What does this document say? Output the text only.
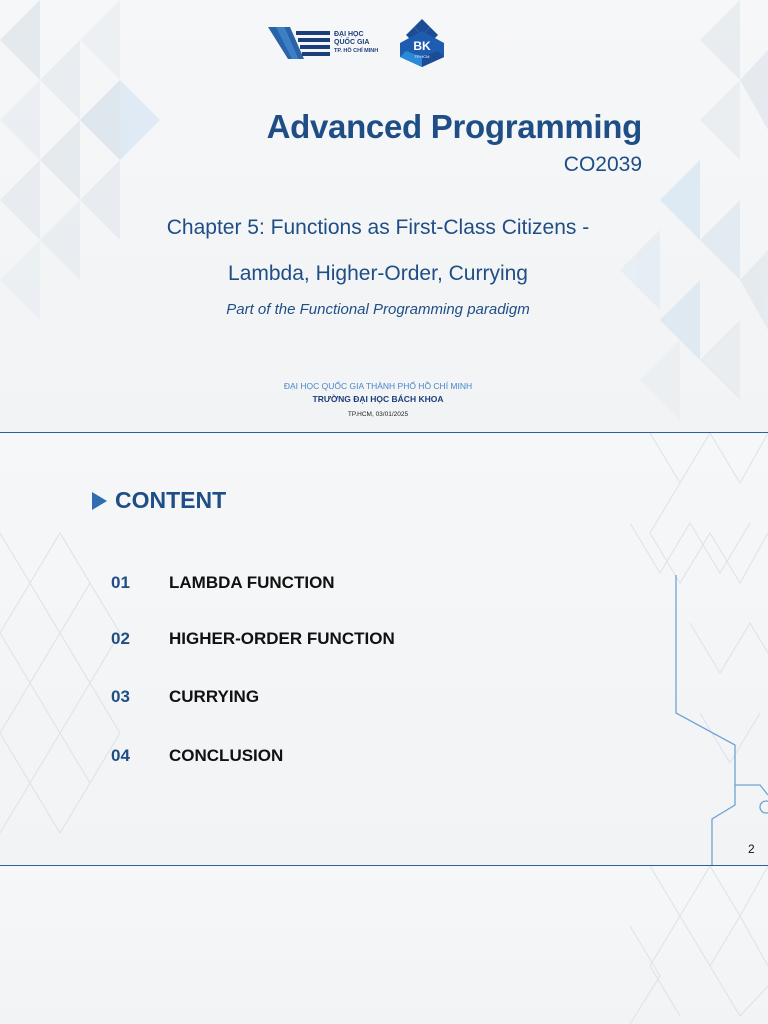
ĐẠI HỌC
QUỐC GIA
TP. HỒ CHÍ MINH	BK
TP.HCM
Advanced Programming
CO2039
Chapter 5: Functions as First-Class Citizens -
Lambda, Higher-Order, Currying
Part of the Functional Programming paradigm
ĐẠI HỌC QUỐC GIA THÀNH PHỐ HỒ CHÍ MINH
TRƯỜNG ĐẠI HỌC BÁCH KHOA
TP.HCM, 03/01/2025
CONTENT
01	LAMBDA FUNCTION
02	HIGHER-ORDER FUNCTION
03	CURRYING
04	CONCLUSION
2
